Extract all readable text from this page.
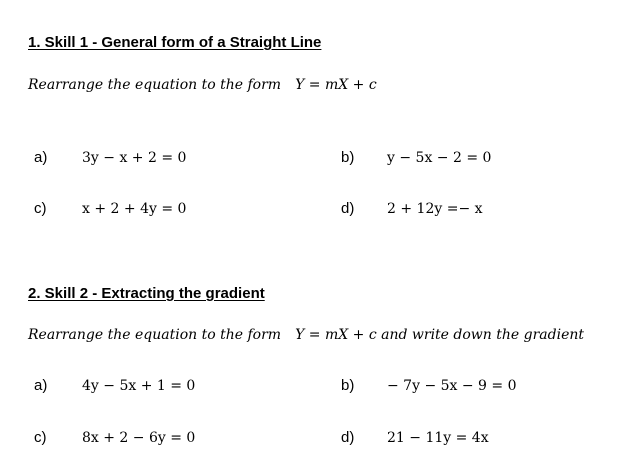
1. Skill 1 - General form of a Straight Line
Rearrange the equation to the form Y = mX + c
a) 3y − x + 2 = 0	b) y − 5x − 2 = 0
c)	x + 2 + 4y = 0	d) 2 + 12y =− x
2. Skill 2 - Extracting the gradient
Rearrange the equation to the form Y = mX + c and write down the gradient
a) 4y − 5x + 1 = 0	b) − 7y − 5x − 9 = 0
c)	8x + 2 − 6y = 0	d) 21 − 11y = 4x
